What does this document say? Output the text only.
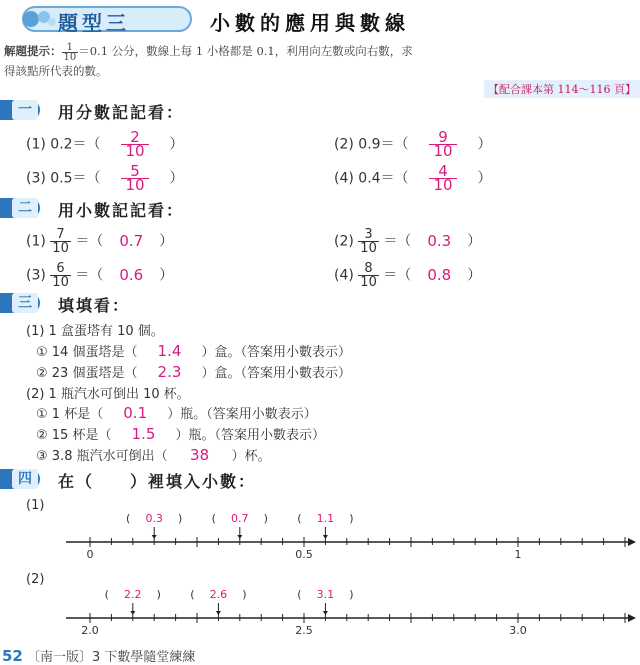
題型三	小數的應用與數線
解題提示： $\frac{1}{10} =0.1$ 公分，數線上每 1 小格都是 0.1，利用向左數或向右數，求
得該點所代表的數。
【配合課本第 114～116 頁】
一	用分數記記看：
(1) $0.2=( \frac{2}{10}$ ）	(2) $0.9=( \frac{9}{10}$ ）
(3) $0.5=( \frac{5}{10}$ ）	(4) $0.4=( \frac{4}{10}$ ）
二	用小數記記看：
$(1) \frac{7}{10}$ ＝（ 0.7 ）	$(2) \frac{3}{10}$ ＝（ 0.3 ）
$(3) \frac{6}{10}$ ＝（ 0.6 ）	$(4) \frac{8}{10}$ ＝（ 0.8 ）
三	填填看：
(1) 1 盒蛋塔有 10 個。
① 14 個蛋塔是（ 1.4 ）盒。（答案用小數表示）
② 23 個蛋塔是（ 2.3 ）盒。（答案用小數表示）
(2) 1 瓶汽水可倒出 10 杯。
① 1 杯是（ 0.1 ）瓶。（答案用小數表示）
② 15 杯是（ 1.5 ）瓶。（答案用小數表示）
③ 3.8 瓶汽水可倒出（ 38 ）杯。
四	在（　　）裡填入小數：
(1)
(2)
0	0.5	1
(	)
0.3	(	)
0.7	(	)
1.1
2.0	2.5	3.0
(	)
2.2	(	)
2.6	(	)
3.1
52 〔南一版〕3 下數學隨堂練練
